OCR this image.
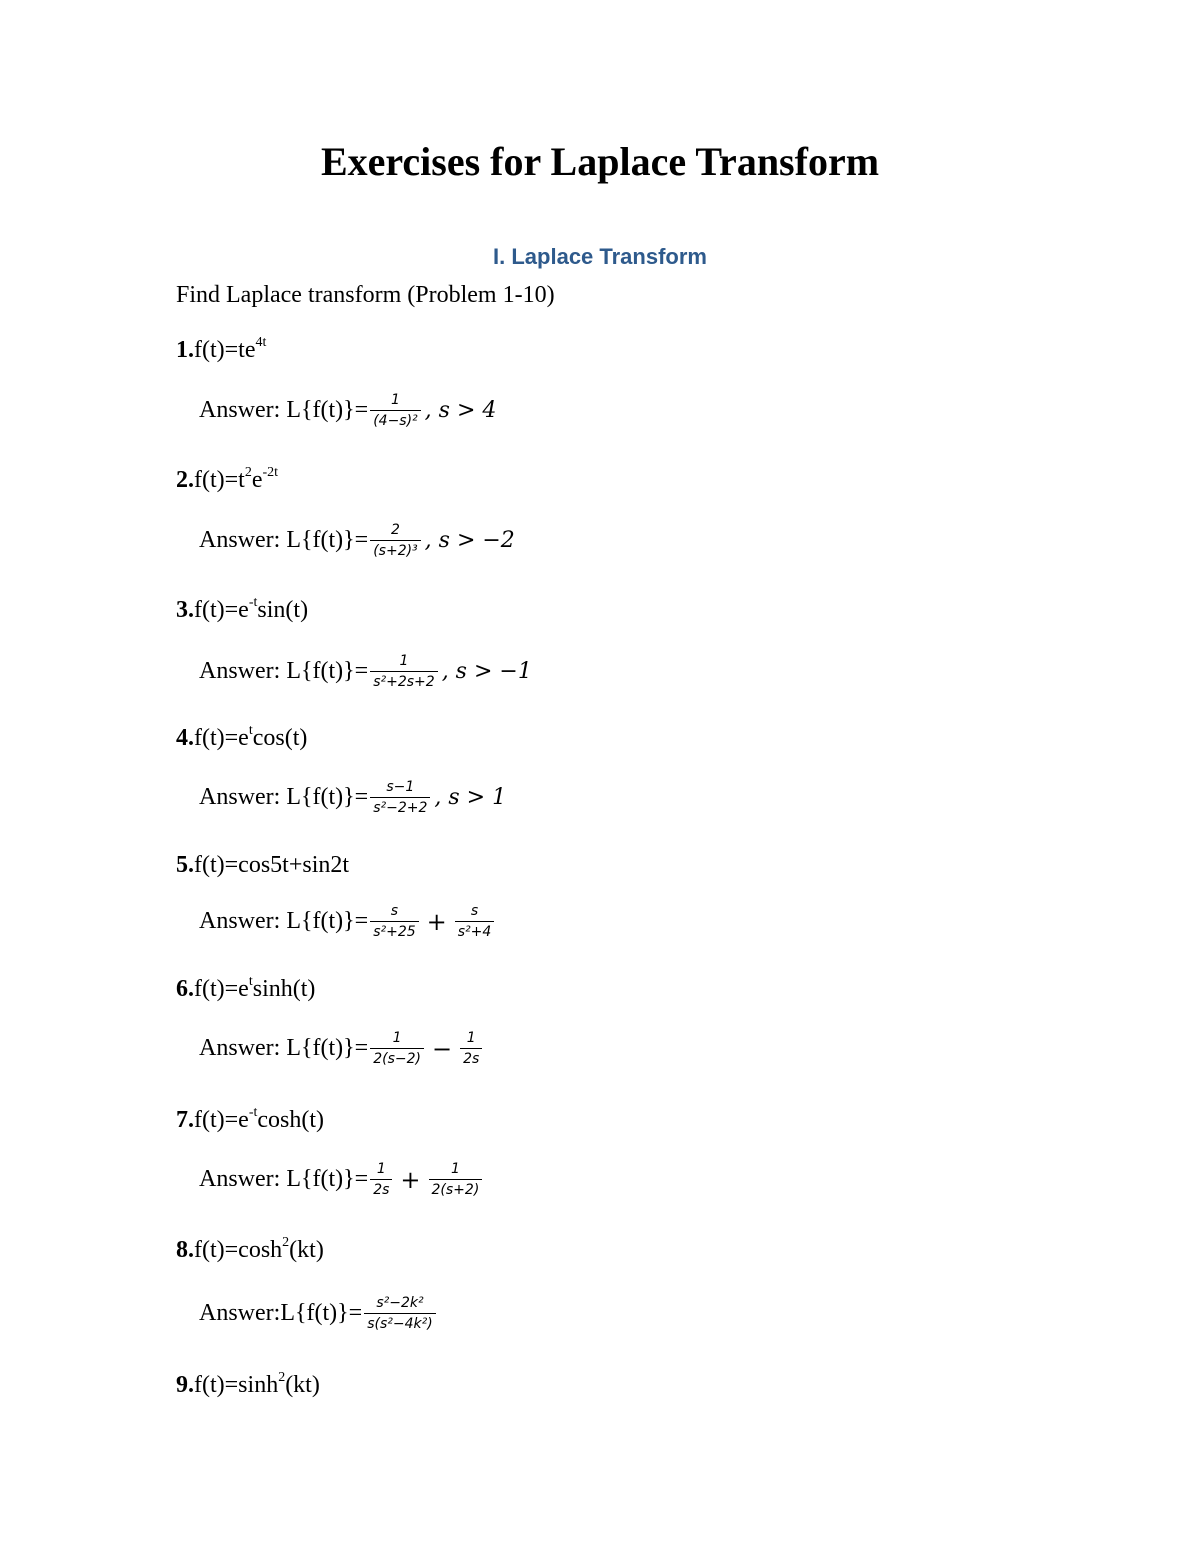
Exercises for Laplace Transform
I. Laplace Transform
Find Laplace transform (Problem 1-10)
$1.f(t)=te^{4t}$
Answer: $L\{f(t)\}= \frac{1}{\text{(4−s)²}}$ , s > 4
$2.f(t)=t^2e^{-2t}$
Answer: $L\{f(t)\}= \frac{2}{\text{(s+2)³}}$ , s > −2
$3.f(t)=e^{-t}\sin(t)$
Answer: $L\{f(t)\}= \frac{1}{\text{s²+2s+2}}$ , s > −1
$4.f(t)=e^t\cos(t)$
Answer: $L\{f(t)\}= \frac{s-1}{\text{s²−2+2}}$ , s > 1
5.f(t)=cos5t+sin2t
Answer: $L\{f(t)\}= \frac{s}{\text{s²+25}} + \frac{s}{\text{s²+4}}$
$6.f(t)=e^t\sinh(t)$
Answer: $L\{f(t)\}= \frac{1}{2(s-2)} - \frac{1}{2s}$
$7.f(t)=e^{-t}\cosh(t)$
Answer: $L\{f(t)\}= \frac{1}{2s} + \frac{1}{2(s+2)}$
$8.f(t)=\cosh^2(kt)$
Answer:L{f(t)}= $\frac{\text{s²−2k²}}{\text{s(s²−4k²)}}$
$9.f(t)=\sinh^2(kt)$
